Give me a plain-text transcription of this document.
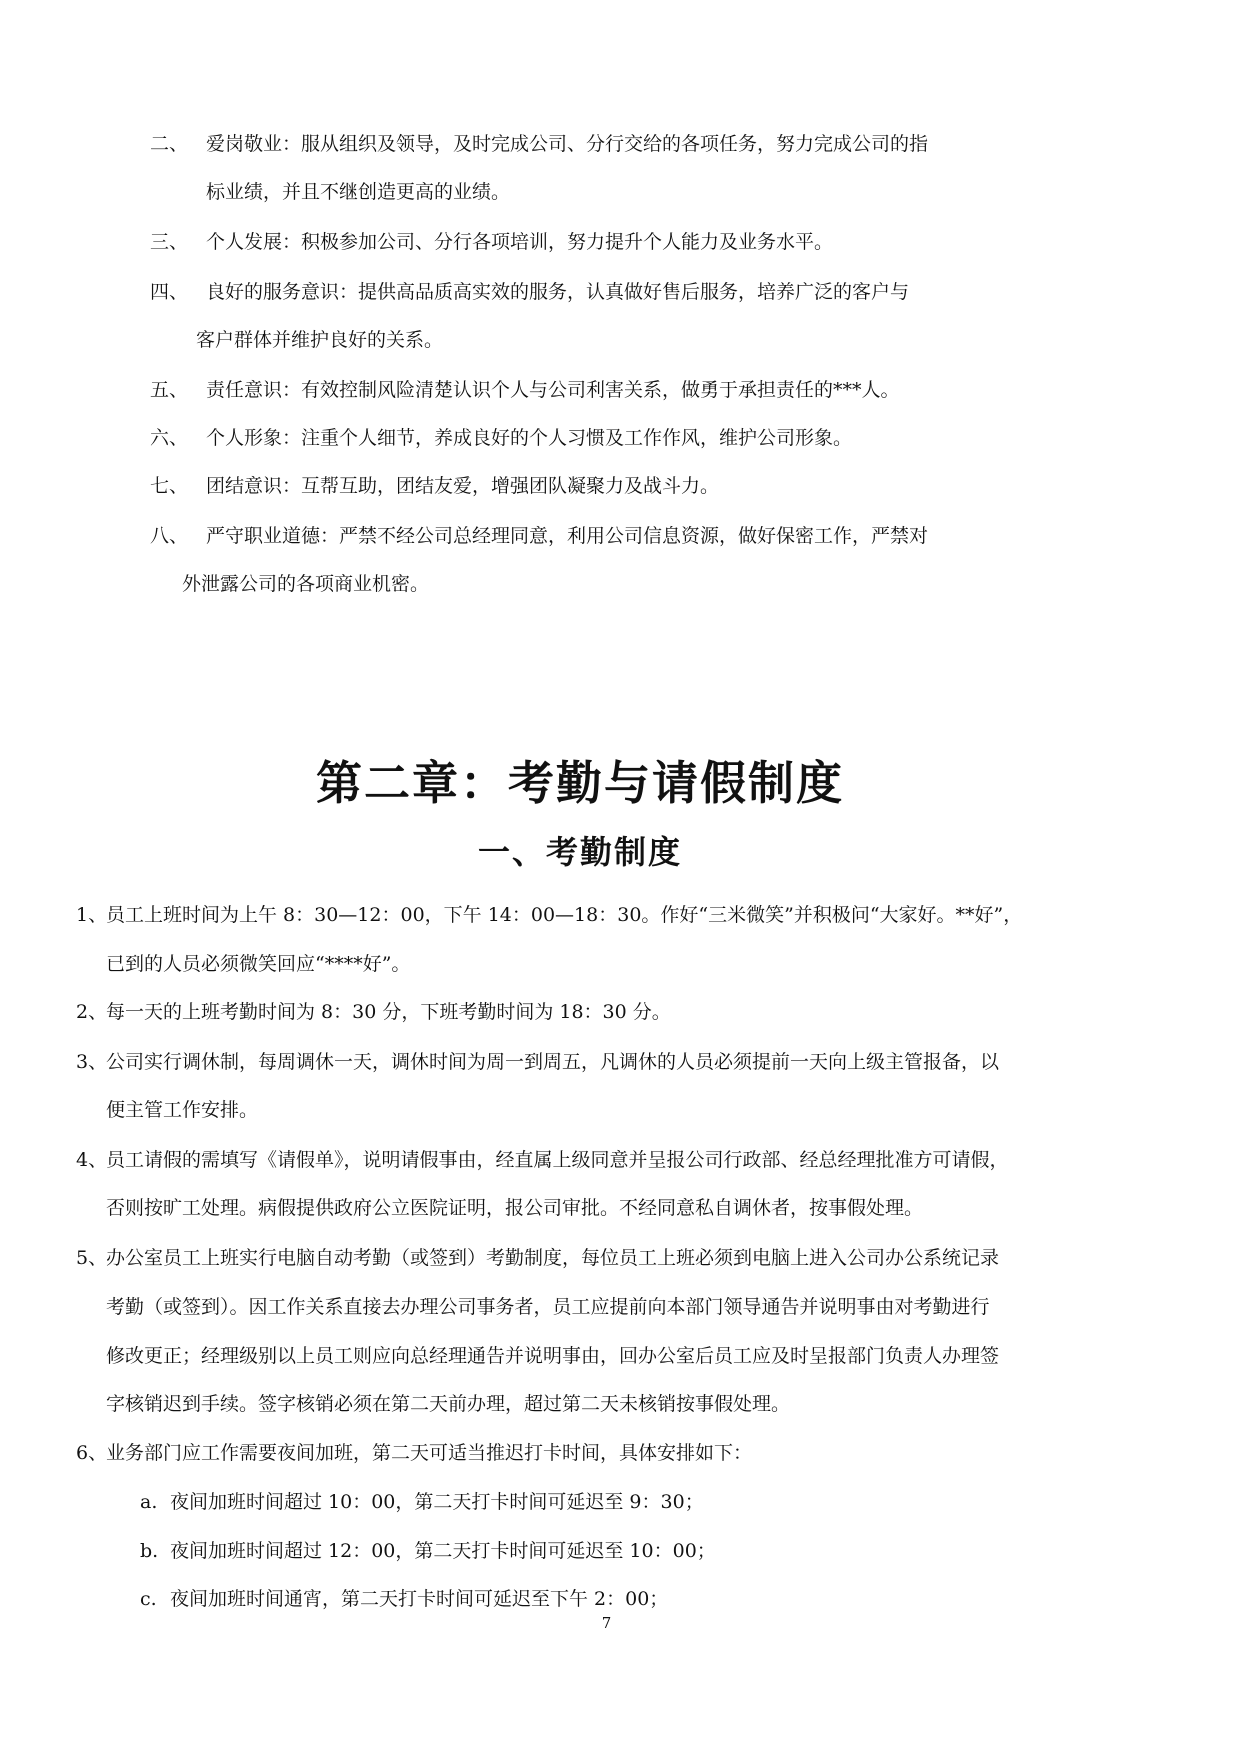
二、 爱岗敬业：服从组织及领导，及时完成公司、分行交给的各项任务，努力完成公司的指
标业绩，并且不继创造更高的业绩。
三、 个人发展：积极参加公司、分行各项培训，努力提升个人能力及业务水平。
四、 良好的服务意识：提供高品质高实效的服务，认真做好售后服务，培养广泛的客户与
客户群体并维护良好的关系。
五、 责任意识：有效控制风险清楚认识个人与公司利害关系，做勇于承担责任的***人。
六、 个人形象：注重个人细节，养成良好的个人习惯及工作作风，维护公司形象。
七、 团结意识：互帮互助，团结友爱，增强团队凝聚力及战斗力。
八、 严守职业道德：严禁不经公司总经理同意，利用公司信息资源，做好保密工作，严禁对
外泄露公司的各项商业机密。
第二章：考勤与请假制度
一、考勤制度
1、员工上班时间为上午 8：30—12：00，下午 14：00—18：30。作好“三米微笑”并积极问“大家好。**好”，
已到的人员必须微笑回应“****好”。
2、每一天的上班考勤时间为 8：30 分，下班考勤时间为 18：30 分。
3、公司实行调休制，每周调休一天，调休时间为周一到周五，凡调休的人员必须提前一天向上级主管报备，以
便主管工作安排。
4、员工请假的需填写《请假单》，说明请假事由，经直属上级同意并呈报公司行政部、经总经理批准方可请假，
否则按旷工处理。病假提供政府公立医院证明，报公司审批。不经同意私自调休者，按事假处理。
5、办公室员工上班实行电脑自动考勤（或签到）考勤制度，每位员工上班必须到电脑上进入公司办公系统记录
考勤（或签到）。因工作关系直接去办理公司事务者，员工应提前向本部门领导通告并说明事由对考勤进行
修改更正；经理级别以上员工则应向总经理通告并说明事由，回办公室后员工应及时呈报部门负责人办理签
字核销迟到手续。签字核销必须在第二天前办理，超过第二天未核销按事假处理。
6、业务部门应工作需要夜间加班，第二天可适当推迟打卡时间，具体安排如下：
a. 夜间加班时间超过 10：00，第二天打卡时间可延迟至 9：30；
b. 夜间加班时间超过 12：00，第二天打卡时间可延迟至 10：00；
c. 夜间加班时间通宵，第二天打卡时间可延迟至下午 2：00；
7
